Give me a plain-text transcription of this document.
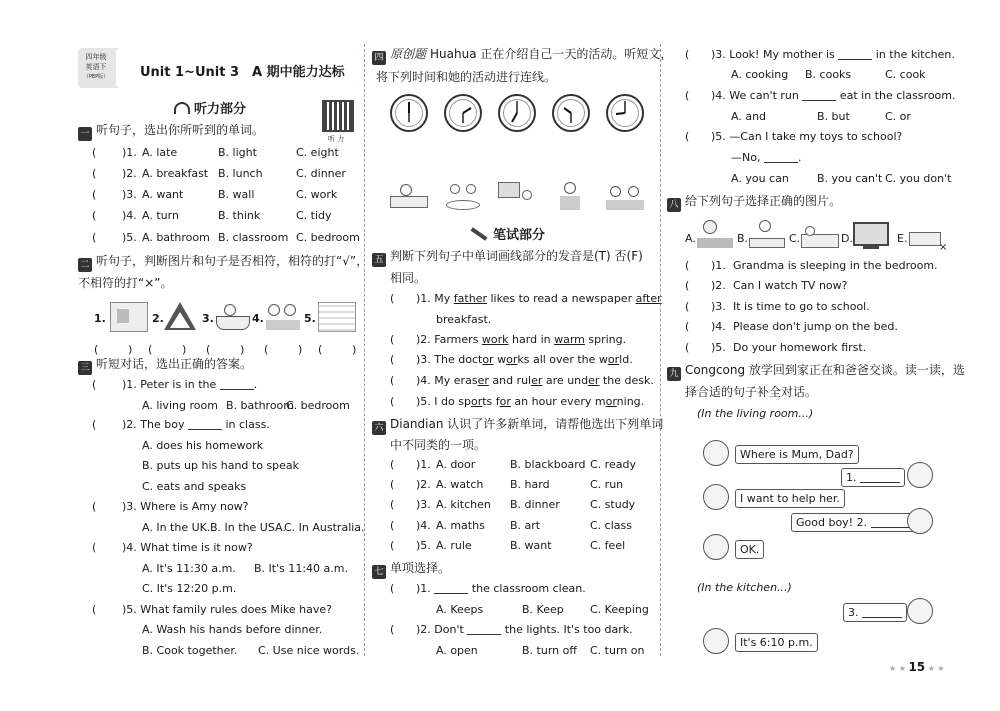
四年级
英语下
（PEP版）	Unit 1~Unit 3　A 期中能力达标
听力部分
听 力
一 听句子，选出你所听到的单词。
( )1. A. late	B. light	C. eight
( )2. A. breakfast B. lunch	C. dinner
( )3. A. want	B. wall	C. work
( )4. A. turn	B. think	C. tidy
( )5. A. bathroom B. classroom C. bedroom
二 听句子，判断图片和句子是否相符，相符的打“√”，
不相符的打“×”。
1.	2.	3.	4.	5.
(	) (	) (	) (	) (	)
三 听短对话，选出正确的答案。
( )1. Peter is in the	.
A. living room B. bathroom
C. bedroom
( )2. The boy	in class.
A. does his homework
B. puts up his hand to speak
C. eats and speaks
( )3. Where is Amy now?
A. In the UK. B. In the USA.
C. In Australia.
( )4. What time is it now?
A. It's 11:30 a.m. B. It's 11:40 a.m.
C. It's 12:20 p.m.
( )5. What family rules does Mike have?
A. Wash his hands before dinner.
B. Cook together. C. Use nice words.
四 原创题 Huahua 正在介绍自己一天的活动。听短文，
将下列时间和她的活动进行连线。
笔试部分
五 判断下列句子中单词画线部分的发音是(T) 否(F)
相同。
( )1. My father likes to read a newspaper after
breakfast.
( )2. Farmers work hard in warm spring.
( )3. The doctor works all over the world.
( )4. My eraser and ruler are under the desk.
( )5. I do sports for an hour every morning.
六 Diandian 认识了许多新单词，请帮他选出下列单词
中不同类的一项。
( )1. A. door	B. blackboard C. ready
( )2. A. watch B. hard	C. run
( )3. A. kitchen B. dinner	C. study
( )4. A. maths B. art	C. class
( )5. A. rule	B. want	C. feel
七 单项选择。
( )1.	the classroom clean.
A. Keeps	B. Keep C. Keeping
( )2. Don't	the lights. It's too dark.
A. open	B. turn off C. turn on
( )3. Look! My mother is	in the kitchen.
A. cooking B. cooks	C. cook
( )4. We can't run	eat in the classroom.
A. and	B. but	C. or
( )5. —Can I take my toys to school?
—No,	.
A. you can	B. you can't C. you don't
八 给下列句子选择正确的图片。
A.	B.	C.	D.	E.
×
( )1. Grandma is sleeping in the bedroom.
( )2. Can I watch TV now?
( )3. It is time to go to school.
( )4. Please don't jump on the bed.
( )5. Do your homework first.
九 Congcong 放学回到家正在和爸爸交谈。读一读，选
择合适的句子补全对话。
(In the living room...)
Where is Mum, Dad?
1.
I want to help her.
Good boy! 2.
OK.
(In the kitchen...)
3.
It's 6:10 p.m.
★ ★ 15 ★ ★
